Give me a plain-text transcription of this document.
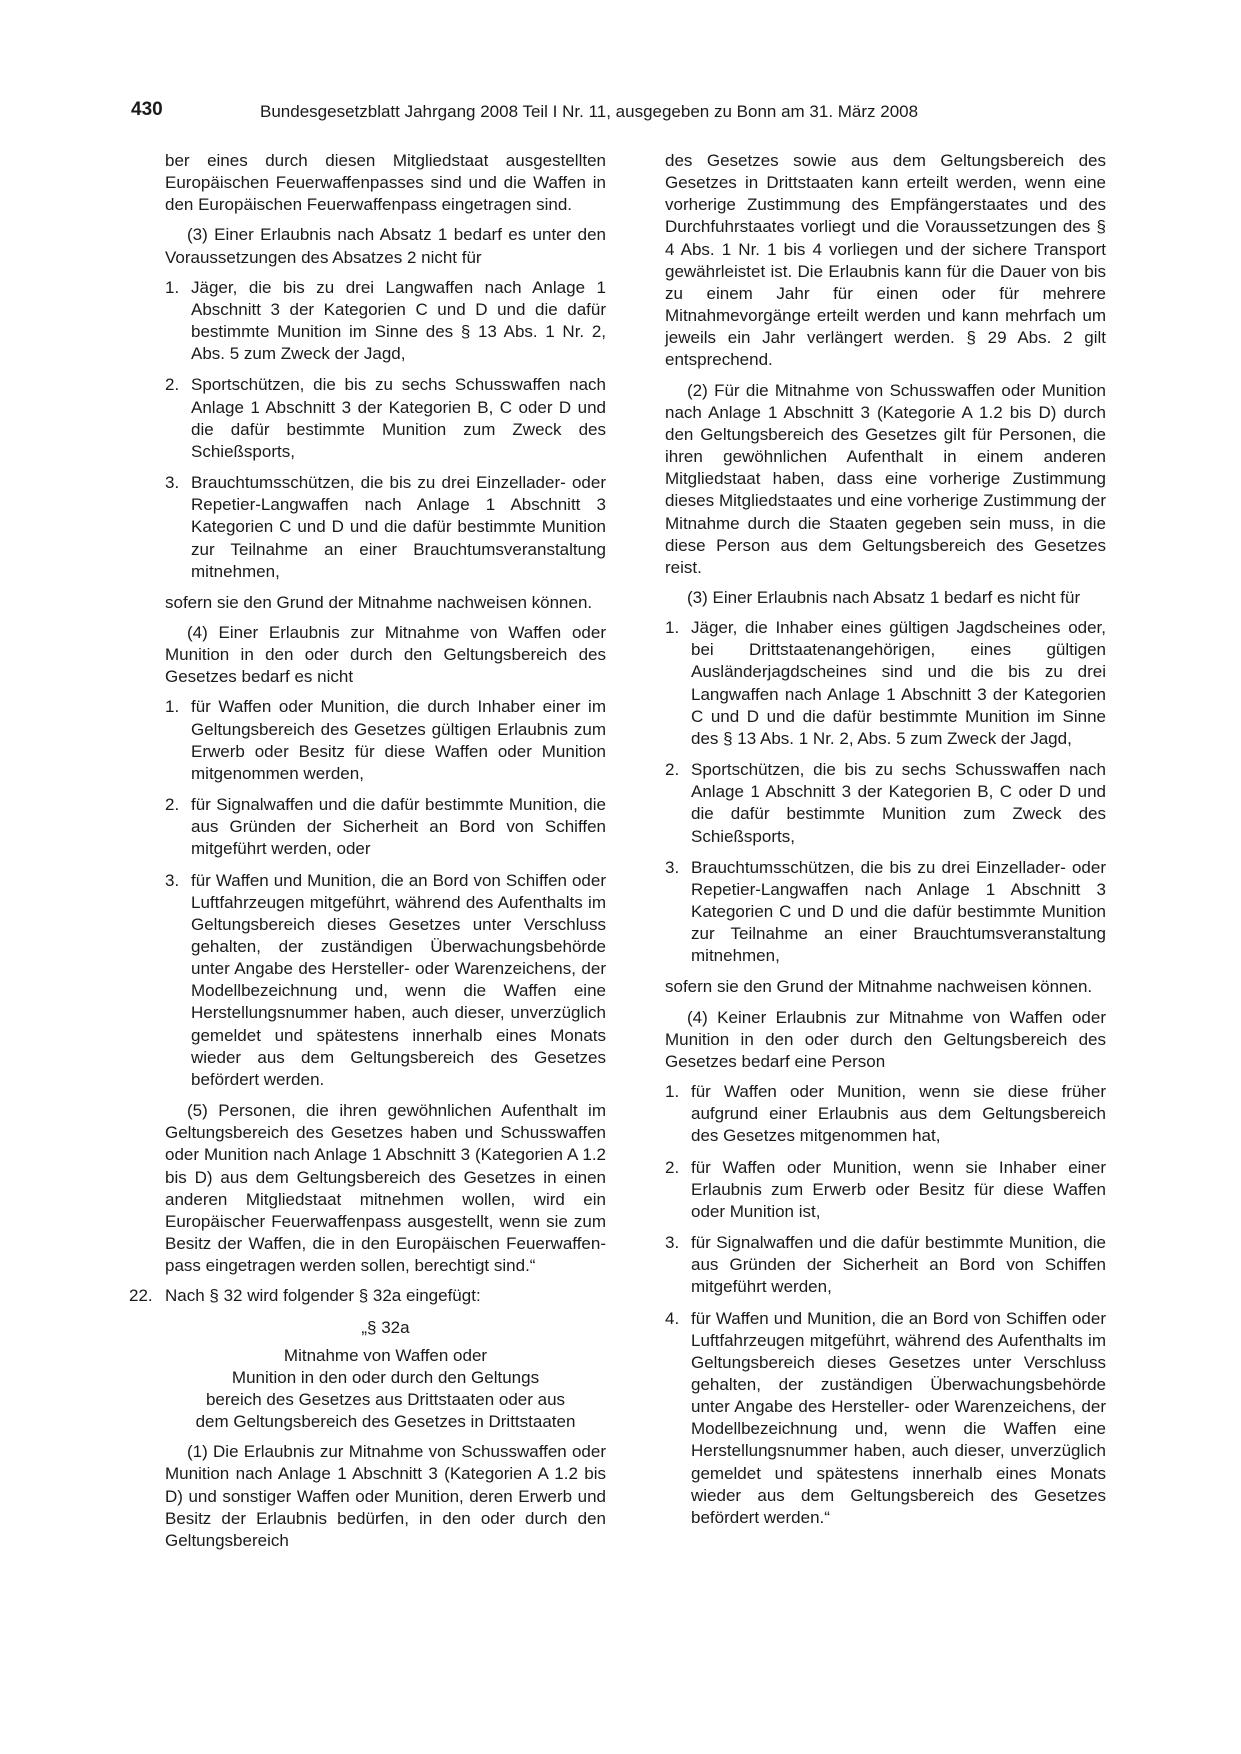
430	Bundesgesetzblatt Jahrgang 2008 Teil I Nr. 11, ausgegeben zu Bonn am 31. März 2008

ber eines durch diesen Mitgliedstaat ausgestellten Europäischen Feuerwaffenpasses sind und die Waffen in den Europäischen Feuerwaffenpass eingetragen sind.

(3) Einer Erlaubnis nach Absatz 1 bedarf es unter den Voraussetzungen des Absatzes 2 nicht für

1. Jäger, die bis zu drei Langwaffen nach Anlage 1 Abschnitt 3 der Kategorien C und D und die dafür bestimmte Munition im Sinne des § 13 Abs. 1 Nr. 2, Abs. 5 zum Zweck der Jagd,
2. Sportschützen, die bis zu sechs Schusswaffen nach Anlage 1 Abschnitt 3 der Kategorien B, C oder D und die dafür bestimmte Munition zum Zweck des Schießsports,
3. Brauchtumsschützen, die bis zu drei Einzellader- oder Repetier-Langwaffen nach Anlage 1 Abschnitt 3 Kategorien C und D und die dafür bestimmte Munition zur Teilnahme an einer Brauchtumsveranstaltung mitnehmen,

sofern sie den Grund der Mitnahme nachweisen können.

(4) Einer Erlaubnis zur Mitnahme von Waffen oder Munition in den oder durch den Geltungsbereich des Gesetzes bedarf es nicht

1. für Waffen oder Munition, die durch Inhaber einer im Geltungsbereich des Gesetzes gültigen Erlaubnis zum Erwerb oder Besitz für diese Waffen oder Munition mitgenommen werden,
2. für Signalwaffen und die dafür bestimmte Munition, die aus Gründen der Sicherheit an Bord von Schiffen mitgeführt werden, oder
3. für Waffen und Munition, die an Bord von Schiffen oder Luftfahrzeugen mitgeführt, während des Aufenthalts im Geltungsbereich dieses Gesetzes unter Verschluss gehalten, der zuständigen Überwachungsbehörde unter Angabe des Hersteller- oder Warenzeichens, der Modellbezeichnung und, wenn die Waffen eine Herstellungsnummer haben, auch dieser, unverzüglich gemeldet und spätestens innerhalb eines Monats wieder aus dem Geltungsbereich des Gesetzes befördert werden.

(5) Personen, die ihren gewöhnlichen Aufenthalt im Geltungsbereich des Gesetzes haben und Schusswaffen oder Munition nach Anlage 1 Abschnitt 3 (Kategorien A 1.2 bis D) aus dem Geltungsbereich des Gesetzes in einen anderen Mitgliedstaat mitnehmen wollen, wird ein Europäischer Feuerwaffenpass ausgestellt, wenn sie zum Besitz der Waffen, die in den Europäischen Feuerwaffenpass eingetragen werden sollen, berechtigt sind.“

22. Nach § 32 wird folgender § 32a eingefügt:
„§ 32a
Mitnahme von Waffen oder
Munition in den oder durch den Geltungs
bereich des Gesetzes aus Drittstaaten oder aus
dem Geltungsbereich des Gesetzes in Drittstaaten

(1) Die Erlaubnis zur Mitnahme von Schusswaffen oder Munition nach Anlage 1 Abschnitt 3 (Kategorien A 1.2 bis D) und sonstiger Waffen oder Munition, deren Erwerb und Besitz der Erlaubnis bedürfen, in den oder durch den Geltungsbereich

des Gesetzes sowie aus dem Geltungsbereich des Gesetzes in Drittstaaten kann erteilt werden, wenn eine vorherige Zustimmung des Empfängerstaates und des Durchfuhrstaates vorliegt und die Voraussetzungen des § 4 Abs. 1 Nr. 1 bis 4 vorliegen und der sichere Transport gewährleistet ist. Die Erlaubnis kann für die Dauer von bis zu einem Jahr für einen oder für mehrere Mitnahmevorgänge erteilt werden und kann mehrfach um jeweils ein Jahr verlängert werden. § 29 Abs. 2 gilt entsprechend.

(2) Für die Mitnahme von Schusswaffen oder Munition nach Anlage 1 Abschnitt 3 (Kategorie A 1.2 bis D) durch den Geltungsbereich des Gesetzes gilt für Personen, die ihren gewöhnlichen Aufenthalt in einem anderen Mitgliedstaat haben, dass eine vorherige Zustimmung dieses Mitgliedstaates und eine vorherige Zustimmung der Mitnahme durch die Staaten gegeben sein muss, in die diese Person aus dem Geltungsbereich des Gesetzes reist.

(3) Einer Erlaubnis nach Absatz 1 bedarf es nicht für

1. Jäger, die Inhaber eines gültigen Jagdscheines oder, bei Drittstaatenangehörigen, eines gültigen Ausländerjagdscheines sind und die bis zu drei Langwaffen nach Anlage 1 Abschnitt 3 der Kategorien C und D und die dafür bestimmte Munition im Sinne des § 13 Abs. 1 Nr. 2, Abs. 5 zum Zweck der Jagd,
2. Sportschützen, die bis zu sechs Schusswaffen nach Anlage 1 Abschnitt 3 der Kategorien B, C oder D und die dafür bestimmte Munition zum Zweck des Schießsports,
3. Brauchtumsschützen, die bis zu drei Einzellader- oder Repetier-Langwaffen nach Anlage 1 Abschnitt 3 Kategorien C und D und die dafür bestimmte Munition zur Teilnahme an einer Brauchtumsveranstaltung mitnehmen,

sofern sie den Grund der Mitnahme nachweisen können.

(4) Keiner Erlaubnis zur Mitnahme von Waffen oder Munition in den oder durch den Geltungsbereich des Gesetzes bedarf eine Person

1. für Waffen oder Munition, wenn sie diese früher aufgrund einer Erlaubnis aus dem Geltungsbereich des Gesetzes mitgenommen hat,
2. für Waffen oder Munition, wenn sie Inhaber einer Erlaubnis zum Erwerb oder Besitz für diese Waffen oder Munition ist,
3. für Signalwaffen und die dafür bestimmte Munition, die aus Gründen der Sicherheit an Bord von Schiffen mitgeführt werden,
4. für Waffen und Munition, die an Bord von Schiffen oder Luftfahrzeugen mitgeführt, während des Aufenthalts im Geltungsbereich dieses Gesetzes unter Verschluss gehalten, der zuständigen Überwachungsbehörde unter Angabe des Hersteller- oder Warenzeichens, der Modellbezeichnung und, wenn die Waffen eine Herstellungsnummer haben, auch dieser, unverzüglich gemeldet und spätestens innerhalb eines Monats wieder aus dem Geltungsbereich des Gesetzes befördert werden.“
